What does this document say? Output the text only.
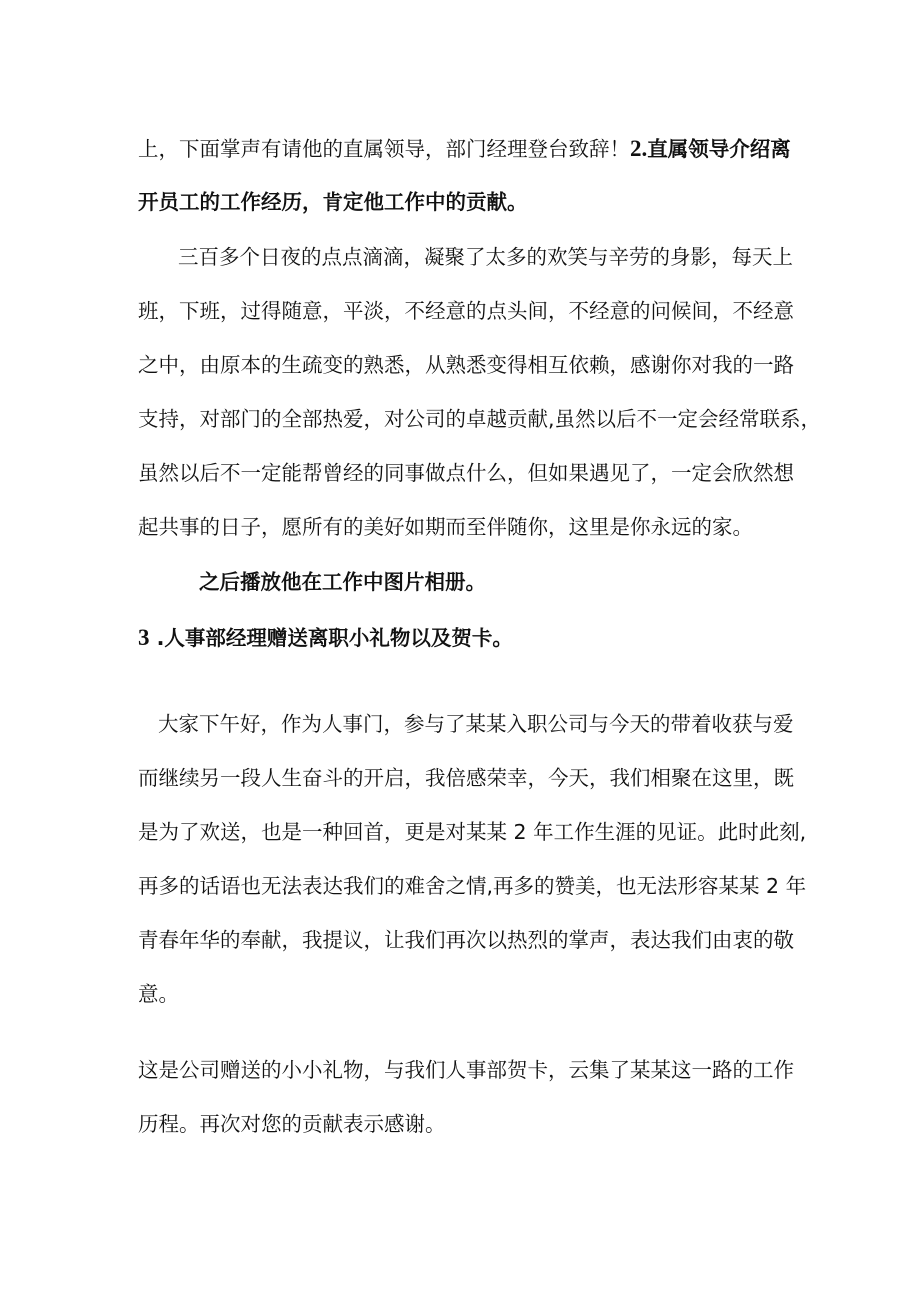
上，下面掌声有请他的直属领导，部门经理登台致辞！2.直属领导介绍离
开员工的工作经历，肯定他工作中的贡献。
三百多个日夜的点点滴滴，凝聚了太多的欢笑与辛劳的身影，每天上
班，下班，过得随意，平淡，不经意的点头间，不经意的问候间，不经意
之中，由原本的生疏变的熟悉，从熟悉变得相互依赖，感谢你对我的一路
支持，对部门的全部热爱，对公司的卓越贡献,虽然以后不一定会经常联系，
虽然以后不一定能帮曾经的同事做点什么，但如果遇见了，一定会欣然想
起共事的日子，愿所有的美好如期而至伴随你，这里是你永远的家。
之后播放他在工作中图片相册。
3 .人事部经理赠送离职小礼物以及贺卡。
大家下午好，作为人事门，参与了某某入职公司与今天的带着收获与爱
而继续另一段人生奋斗的开启，我倍感荣幸，今天，我们相聚在这里，既
是为了欢送，也是一种回首，更是对某某 2 年工作生涯的见证。此时此刻,
再多的话语也无法表达我们的难舍之情,再多的赞美，也无法形容某某 2 年
青春年华的奉献，我提议，让我们再次以热烈的掌声，表达我们由衷的敬
意。
这是公司赠送的小小礼物，与我们人事部贺卡，云集了某某这一路的工作
历程。再次对您的贡献表示感谢。
